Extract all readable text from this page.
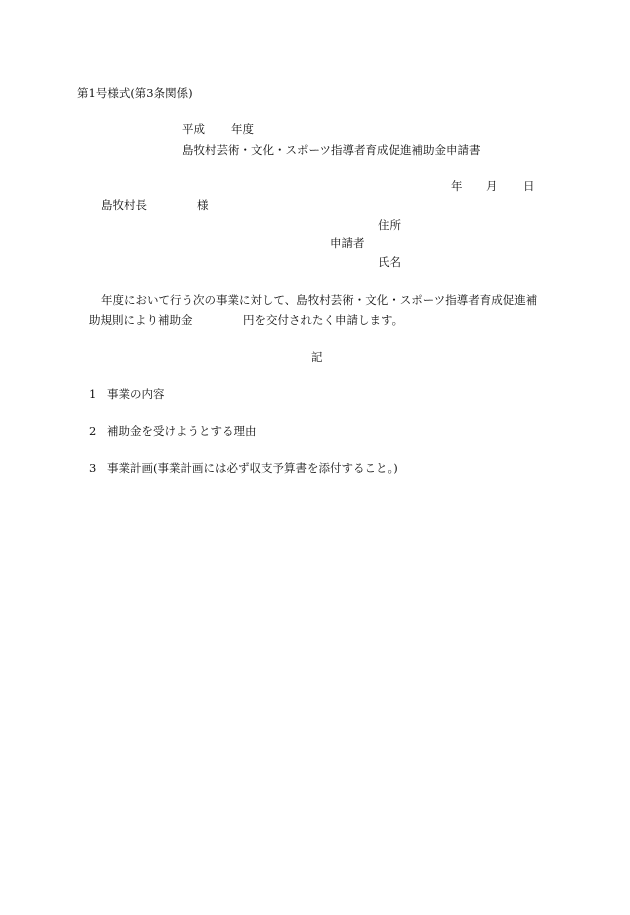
第1号様式(第3条関係)
平成 年度
島牧村芸術・文化・スポーツ指導者育成促進補助金申請書
年 月 日
島牧村長	様
住所
申請者
氏名
年度において行う次の事業に対して、島牧村芸術・文化・スポーツ指導者育成促進補
助規則により補助金	円を交付されたく申請します。
記
1 事業の内容
2 補助金を受けようとする理由
3 事業計画(事業計画には必ず収支予算書を添付すること。)
